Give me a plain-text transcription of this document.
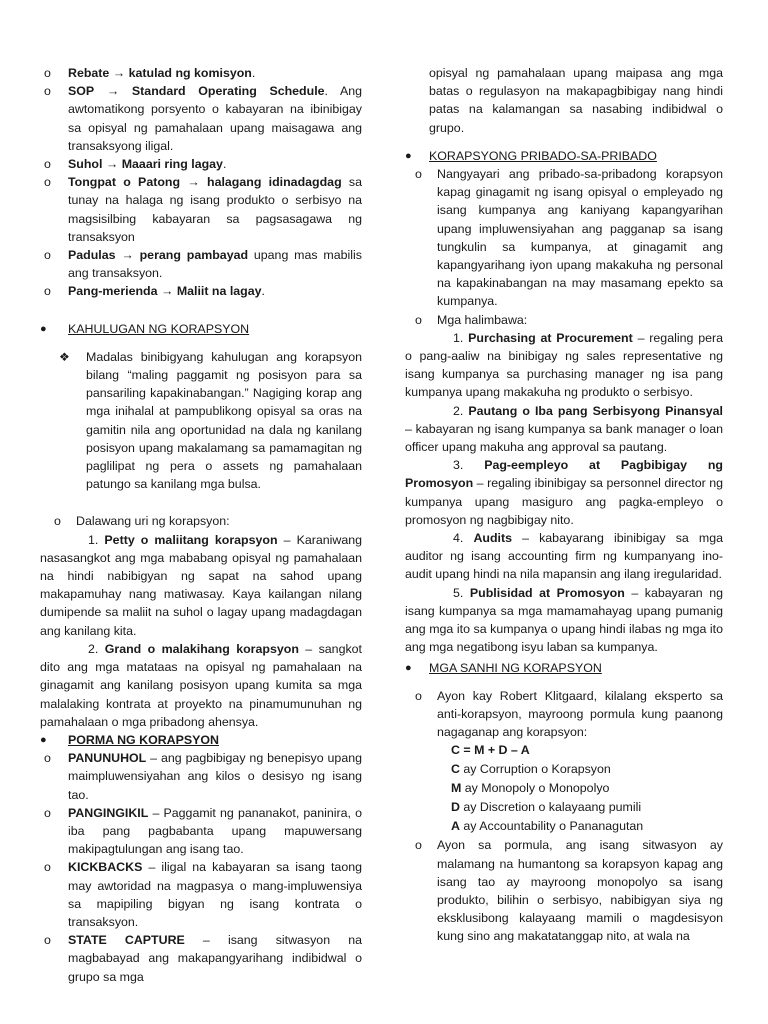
o Rebate → katulad ng komisyon.

o SOP → Standard Operating Schedule. Ang awtomatikong porsyento o kabayaran na ibinibigay sa opisyal ng pamahalaan upang maisagawa ang transaksyong iligal.

o Suhol → Maaari ring lagay.

o Tongpat o Patong → halagang idinadagdag sa tunay na halaga ng isang produkto o serbisyo na magsisilbing kabayaran sa pagsasagawa ng transaksyon

o Padulas → perang pambayad upang mas mabilis ang transaksyon.

o Pang-merienda → Maliit na lagay.

● KAHULUGAN NG KORAPSYON

❖ Madalas binibigyang kahulugan ang korapsyon bilang “maling paggamit ng posisyon para sa pansariling kapakinabangan.” Nagiging korap ang mga inihalal at pampublikong opisyal sa oras na gamitin nila ang oportunidad na dala ng kanilang posisyon upang makalamang sa pamamagitan ng paglilipat ng pera o assets ng pamahalaan patungo sa kanilang mga bulsa.

o Dalawang uri ng korapsyon:

1. Petty o maliitang korapsyon – Karaniwang nasasangkot ang mga mababang opisyal ng pamahalaan na hindi nabibigyan ng sapat na sahod upang makapamuhay nang matiwasay. Kaya kailangan nilang dumipende sa maliit na suhol o lagay upang madagdagan ang kanilang kita.

2. Grand o malakihang korapsyon – sangkot dito ang mga matataas na opisyal ng pamahalaan na ginagamit ang kanilang posisyon upang kumita sa mga malalaking kontrata at proyekto na pinamumunuhan ng pamahalaan o mga pribadong ahensya.

● PORMA NG KORAPSYON

o PANUNUHOL – ang pagbibigay ng benepisyo upang maimpluwensiyahan ang kilos o desisyo ng isang tao.

o PANGINGIKIL – Paggamit ng pananakot, paninira, o iba pang pagbabanta upang mapuwersang makipagtulungan ang isang tao.

o KICKBACKS – iligal na kabayaran sa isang taong may awtoridad na magpasya o mang-impluwensiya sa mapipiling bigyan ng isang kontrata o transaksyon.

o STATE CAPTURE – isang sitwasyon na magbabayad ang makapangyarihang indibidwal o grupo sa mga

opisyal ng pamahalaan upang maipasa ang mga batas o regulasyon na makapagbibigay nang hindi patas na kalamangan sa nasabing indibidwal o grupo.

● KORAPSYONG PRIBADO-SA-PRIBADO

o Nangyayari ang pribado-sa-pribadong korapsyon kapag ginagamit ng isang opisyal o empleyado ng isang kumpanya ang kaniyang kapangyarihan upang impluwensiyahan ang pagganap sa isang tungkulin sa kumpanya, at ginagamit ang kapangyarihang iyon upang makakuha ng personal na kapakinabangan na may masamang epekto sa kumpanya.

o Mga halimbawa:

1. Purchasing at Procurement – regaling pera o pang-aaliw na binibigay ng sales representative ng isang kumpanya sa purchasing manager ng isa pang kumpanya upang makakuha ng produkto o serbisyo.

2. Pautang o Iba pang Serbisyong Pinansyal – kabayaran ng isang kumpanya sa bank manager o loan officer upang makuha ang approval sa pautang.

3. Pag-eempleyo at Pagbibigay ng Promosyon – regaling ibinibigay sa personnel director ng kumpanya upang masiguro ang pagka-empleyo o promosyon ng nagbibigay nito.

4. Audits – kabayarang ibinibigay sa mga auditor ng isang accounting firm ng kumpanyang ino-audit upang hindi na nila mapansin ang ilang iregularidad.

5. Publisidad at Promosyon – kabayaran ng isang kumpanya sa mga mamamahayag upang pumanig ang mga ito sa kumpanya o upang hindi ilabas ng mga ito ang mga negatibong isyu laban sa kumpanya.

● MGA SANHI NG KORAPSYON

o Ayon kay Robert Klitgaard, kilalang eksperto sa anti-korapsyon, mayroong pormula kung paanong nagaganap ang korapsyon:

C = M + D – A

C ay Corruption o Korapsyon

M ay Monopoly o Monopolyo

D ay Discretion o kalayaang pumili

A ay Accountability o Pananagutan

o Ayon sa pormula, ang isang sitwasyon ay malamang na humantong sa korapsyon kapag ang isang tao ay mayroong monopolyo sa isang produkto, bilihin o serbisyo, nabibigyan siya ng eksklusibong kalayaang mamili o magdesisyon kung sino ang makatatanggap nito, at wala na
